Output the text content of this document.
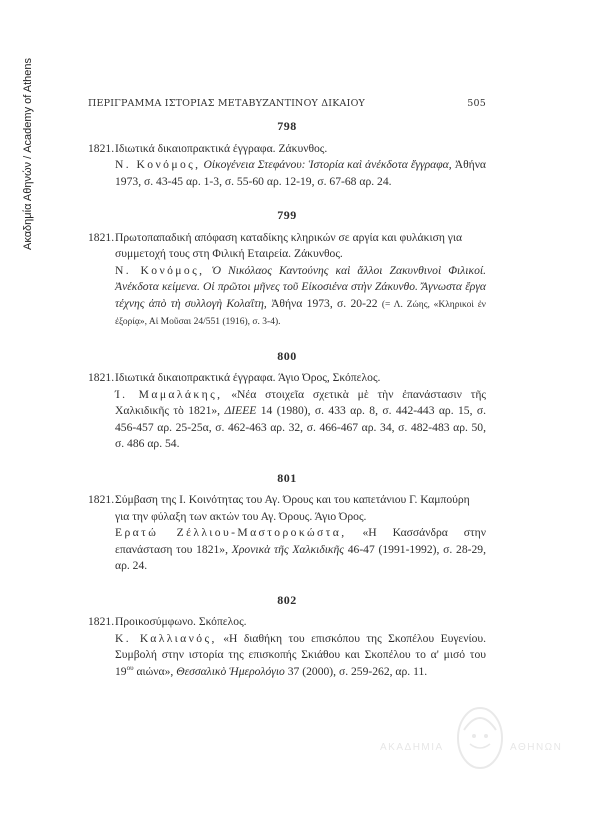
Ακαδημία Αθηνών / Academy of Athens	ΠΕΡΙΓΡΑΜΜΑ ΙΣΤΟΡΙΑΣ ΜΕΤΑΒΥΖΑΝΤΙΝΟΥ ΔΙΚΑΙΟΥ	505
798
1821. Ιδιωτικά δικαιοπρακτικά έγγραφα. Ζάκυνθος.
Ν. Κονόμος, Οἰκογένεια Στεφάνου: Ἱστορία καὶ ἀνέκδοτα ἔγγραφα, Ἀθήνα 1973, σ. 43-45 αρ. 1-3, σ. 55-60 αρ. 12-19, σ. 67-68 αρ. 24.
799
1821. Πρωτοπαπαδική απόφαση καταδίκης κληρικών σε αργία και φυλάκιση για συμμετοχή τους στη Φιλική Εταιρεία. Ζάκυνθος.
Ν. Κονόμος, Ὁ Νικόλαος Καντούνης καὶ ἄλλοι Ζακυνθινοὶ Φιλικοί. Ἀνέκδοτα κείμενα. Οἱ πρῶτοι μῆνες τοῦ Εἰκοσιένα στὴν Ζάκυνθο. Ἄγνωστα ἔργα τέχνης ἀπὸ τὴ συλλογὴ Κολαΐτη, Ἀθήνα 1973, σ. 20-22 (= Λ. Ζώης, «Κληρικοὶ ἐν ἐξορίᾳ», Αἱ Μοῦσαι 24/551 (1916), σ. 3-4).
800
1821. Ιδιωτικά δικαιοπρακτικά έγγραφα. Άγιο Όρος, Σκόπελος.
Ί. Μαμαλάκης, «Νέα στοιχεῖα σχετικὰ μὲ τὴν ἐπανάστασιν τῆς Χαλκιδικῆς τὸ 1821», ΔΙΕΕΕ 14 (1980), σ. 433 αρ. 8, σ. 442-443 αρ. 15, σ. 456-457 αρ. 25-25α, σ. 462-463 αρ. 32, σ. 466-467 αρ. 34, σ. 482-483 αρ. 50, σ. 486 αρ. 54.
801
1821. Σύμβαση της Ι. Κοινότητας του Αγ. Όρους και του καπετάνιου Γ. Καμπούρη για την φύλαξη των ακτών του Αγ. Όρους. Άγιο Όρος.
Ερατώ Ζέλλιου-Μαστοροκώστα, «Η Κασσάνδρα στην επανάσταση του 1821», Χρονικὰ τῆς Χαλκιδικῆς 46-47 (1991-1992), σ. 28-29, αρ. 24.
802
1821. Προικοσύμφωνο. Σκόπελος.
Κ. Καλλιανός, «Η διαθήκη του επισκόπου της Σκοπέλου Ευγενίου. Συμβολή στην ιστορία της επισκοπής Σκιάθου και Σκοπέλου το α' μισό του $19^{o\upsilon}$ αιώνα», Θεσσαλικὸ Ἡμερολόγιο 37 (2000), σ. 259-262, αρ. 11.
ΑΚΑΔΗΜΙΑ	ΑΘΗΝΩΝ
